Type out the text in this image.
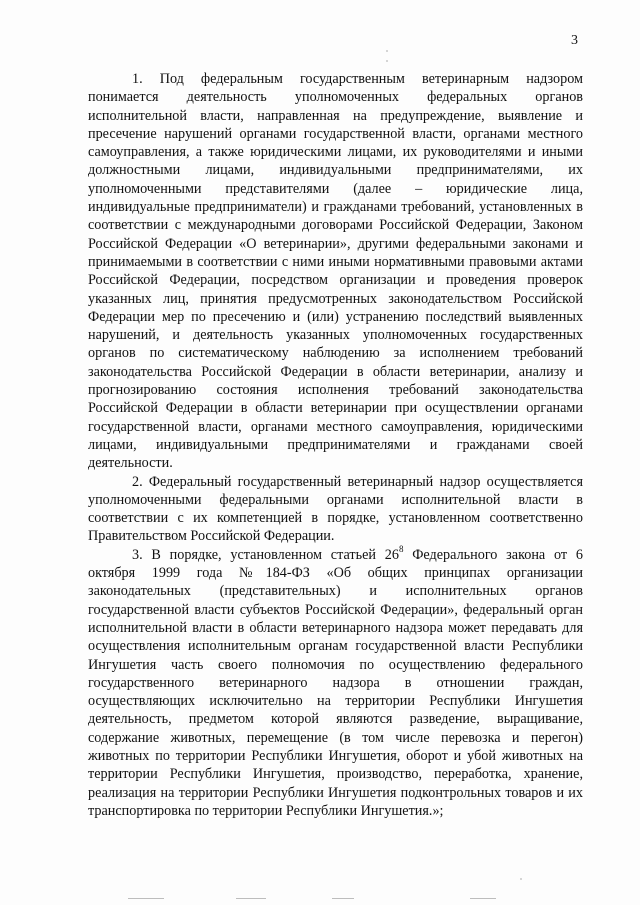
3

1. Под федеральным государственным ветеринарным надзором понимается деятельность уполномоченных федеральных органов исполнительной власти, направленная на предупреждение, выявление и пресечение нарушений органами государственной власти, органами местного самоуправления, а также юридическими лицами, их руководителями и иными должностными лицами, индивидуальными предпринимателями, их уполномоченными представителями (далее – юридические лица, индивидуальные предприниматели) и гражданами требований, установленных в соответствии с международными договорами Российской Федерации, Законом Российской Федерации «О ветеринарии», другими федеральными законами и принимаемыми в соответствии с ними иными нормативными правовыми актами Российской Федерации, посредством организации и проведения проверок указанных лиц, принятия предусмотренных законодательством Российской Федерации мер по пресечению и (или) устранению последствий выявленных нарушений, и деятельность указанных уполномоченных государственных органов по систематическому наблюдению за исполнением требований законодательства Российской Федерации в области ветеринарии, анализу и прогнозированию состояния исполнения требований законодательства Российской Федерации в области ветеринарии при осуществлении органами государственной власти, органами местного самоуправления, юридическими лицами, индивидуальными предпринимателями и гражданами своей деятельности.

2. Федеральный государственный ветеринарный надзор осуществляется уполномоченными федеральными органами исполнительной власти в соответствии с их компетенцией в порядке, установленном соответственно Правительством Российской Федерации.

3. В порядке, установленном статьей $26^8$ Федерального закона от 6 октября 1999 года №184-ФЗ «Об общих принципах организации законодательных (представительных) и исполнительных органов государственной власти субъектов Российской Федерации», федеральный орган исполнительной власти в области ветеринарного надзора может передавать для осуществления исполнительным органам государственной власти Республики Ингушетия часть своего полномочия по осуществлению федерального государственного ветеринарного надзора в отношении граждан, осуществляющих исключительно на территории Республики Ингушетия деятельность, предметом которой являются разведение, выращивание, содержание животных, перемещение (в том числе перевозка и перегон) животных по территории Республики Ингушетия, оборот и убой животных на территории Республики Ингушетия, производство, переработка, хранение, реализация на территории Республики Ингушетия подконтрольных товаров и их транспортировка по территории Республики Ингушетия.»;
